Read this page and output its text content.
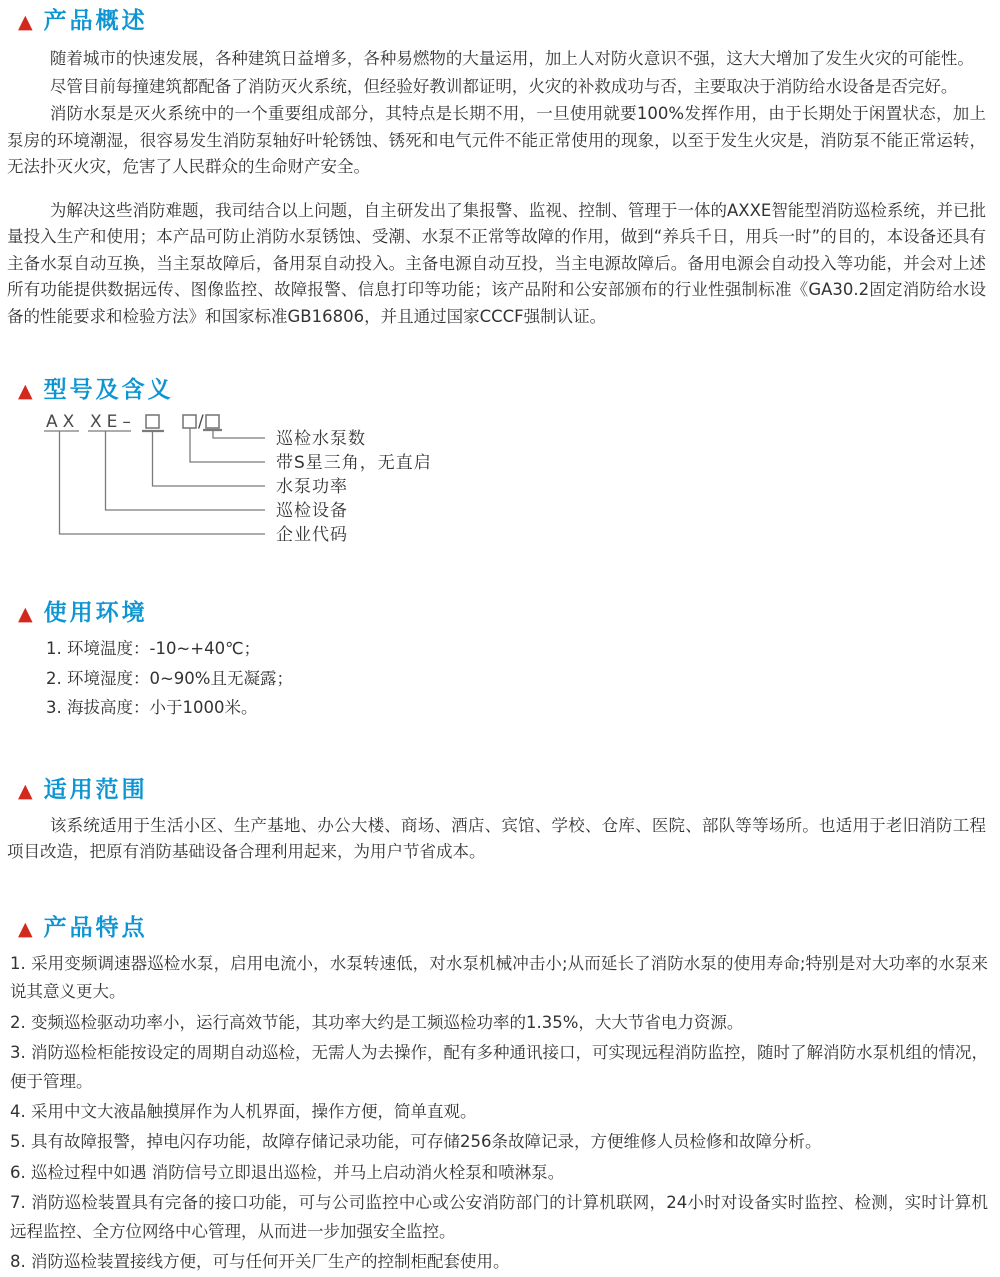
▲ 产品概述

随着城市的快速发展，各种建筑日益增多，各种易燃物的大量运用，加上人对防火意识不强，这大大增加了发生火灾的可能性。

尽管目前每撞建筑都配备了消防灭火系统，但经验好教训都证明，火灾的补救成功与否，主要取决于消防给水设备是否完好。

消防水泵是灭火系统中的一个重要组成部分，其特点是长期不用，一旦使用就要100%发挥作用，由于长期处于闲置状态，加上泵房的环境潮湿，很容易发生消防泵轴好叶轮锈蚀、锈死和电气元件不能正常使用的现象，以至于发生火灾是，消防泵不能正常运转，无法扑灭火灾，危害了人民群众的生命财产安全。

为解决这些消防难题，我司结合以上问题，自主研发出了集报警、监视、控制、管理于一体的AXXE智能型消防巡检系统，并已批量投入生产和使用；本产品可防止消防水泵锈蚀、受潮、水泵不正常等故障的作用，做到“养兵千日，用兵一时”的目的，本设备还具有主备水泵自动互换，当主泵故障后，备用泵自动投入。主备电源自动互投，当主电源故障后。备用电源会自动投入等功能，并会对上述所有功能提供数据远传、图像监控、故障报警、信息打印等功能；该产品附和公安部颁布的行业性强制标准《GA30.2固定消防给水设备的性能要求和检验方法》和国家标准GB16806，并且通过国家CCCF强制认证。

▲ 型号及含义
AX XE–	/
巡检水泵数
带S星三角，无直启
水泵功率
巡检设备
企业代码
▲ 使用环境

1. 环境温度：-10~+40℃；

2. 环境湿度：0~90%且无凝露；

3. 海拔高度：小于1000米。

▲ 适用范围

该系统适用于生活小区、生产基地、办公大楼、商场、酒店、宾馆、学校、仓库、医院、部队等等场所。也适用于老旧消防工程项目改造，把原有消防基础设备合理利用起来，为用户节省成本。

▲ 产品特点

1. 采用变频调速器巡检水泵，启用电流小，水泵转速低，对水泵机械冲击小;从而延长了消防水泵的使用寿命;特别是对大功率的水泵来说其意义更大。

2. 变频巡检驱动功率小，运行高效节能，其功率大约是工频巡检功率的1.35%，大大节省电力资源。

3. 消防巡检柜能按设定的周期自动巡检，无需人为去操作，配有多种通讯接口，可实现远程消防监控，随时了解消防水泵机组的情况，便于管理。

4. 采用中文大液晶触摸屏作为人机界面，操作方便，简单直观。

5. 具有故障报警，掉电闪存功能，故障存储记录功能，可存储256条故障记录，方便维修人员检修和故障分析。

6. 巡检过程中如遇 消防信号立即退出巡检，并马上启动消火栓泵和喷淋泵。

7. 消防巡检装置具有完备的接口功能，可与公司监控中心或公安消防部门的计算机联网，24小时对设备实时监控、检测，实时计算机远程监控、全方位网络中心管理，从而进一步加强安全监控。

8. 消防巡检装置接线方便，可与任何开关厂生产的控制柜配套使用。
